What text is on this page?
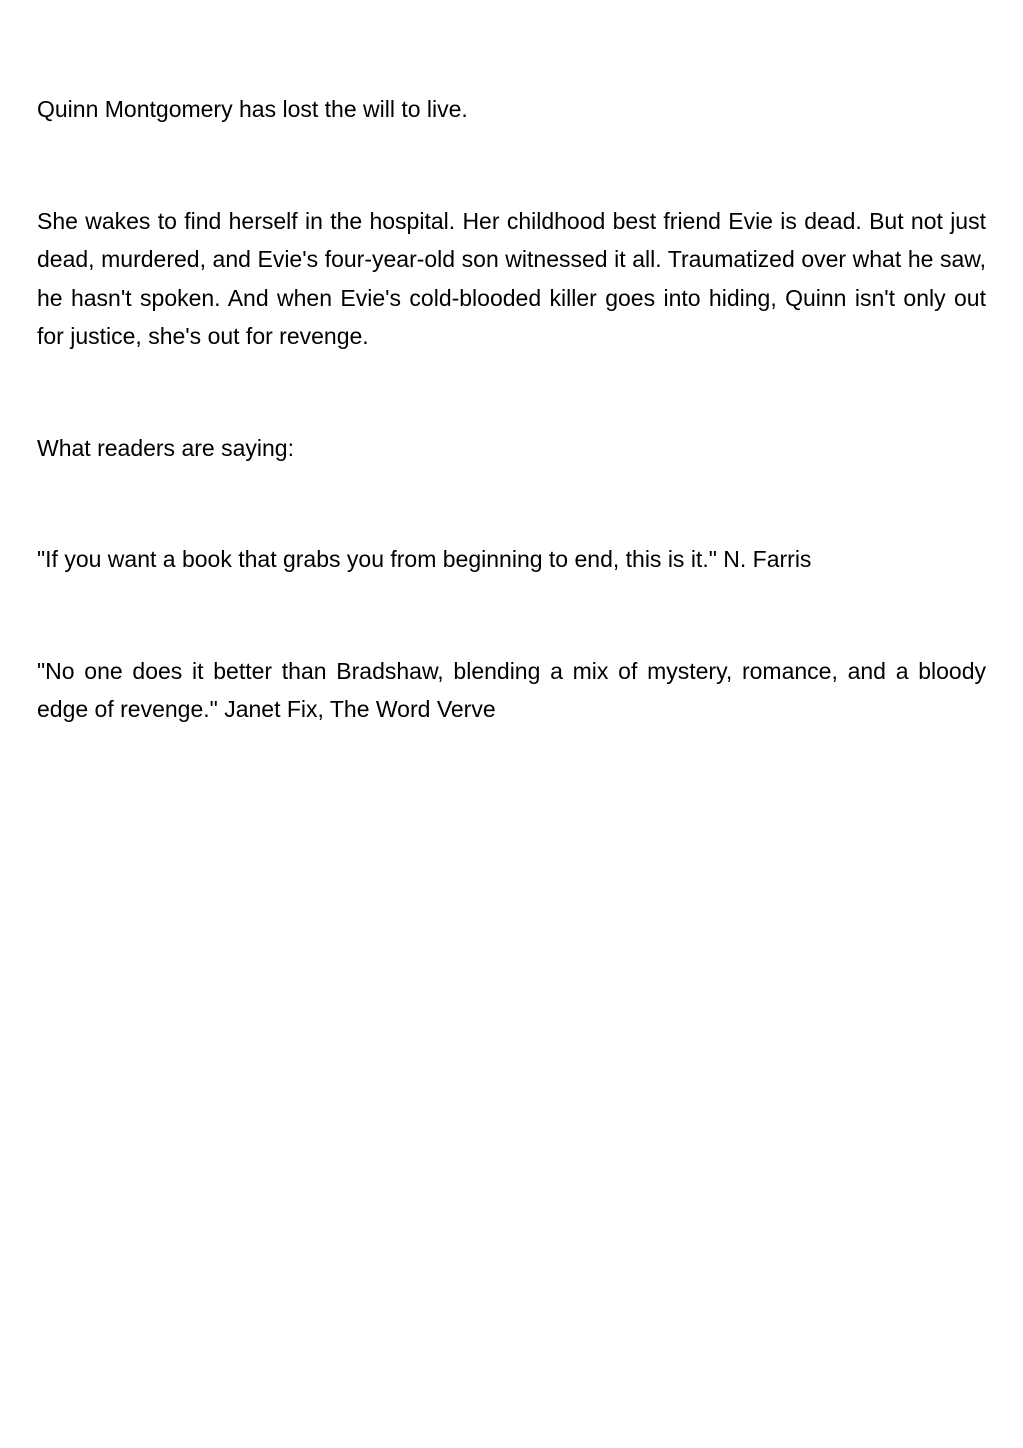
Quinn Montgomery has lost the will to live.

She wakes to find herself in the hospital. Her childhood best friend Evie is dead. But not just dead, murdered, and Evie's four-year-old son witnessed it all. Traumatized over what he saw, he hasn't spoken. And when Evie's cold-blooded killer goes into hiding, Quinn isn't only out for justice, she's out for revenge.

What readers are saying:

"If you want a book that grabs you from beginning to end, this is it." N. Farris

"No one does it better than Bradshaw, blending a mix of mystery, romance, and a bloody edge of revenge." Janet Fix, The Word Verve
